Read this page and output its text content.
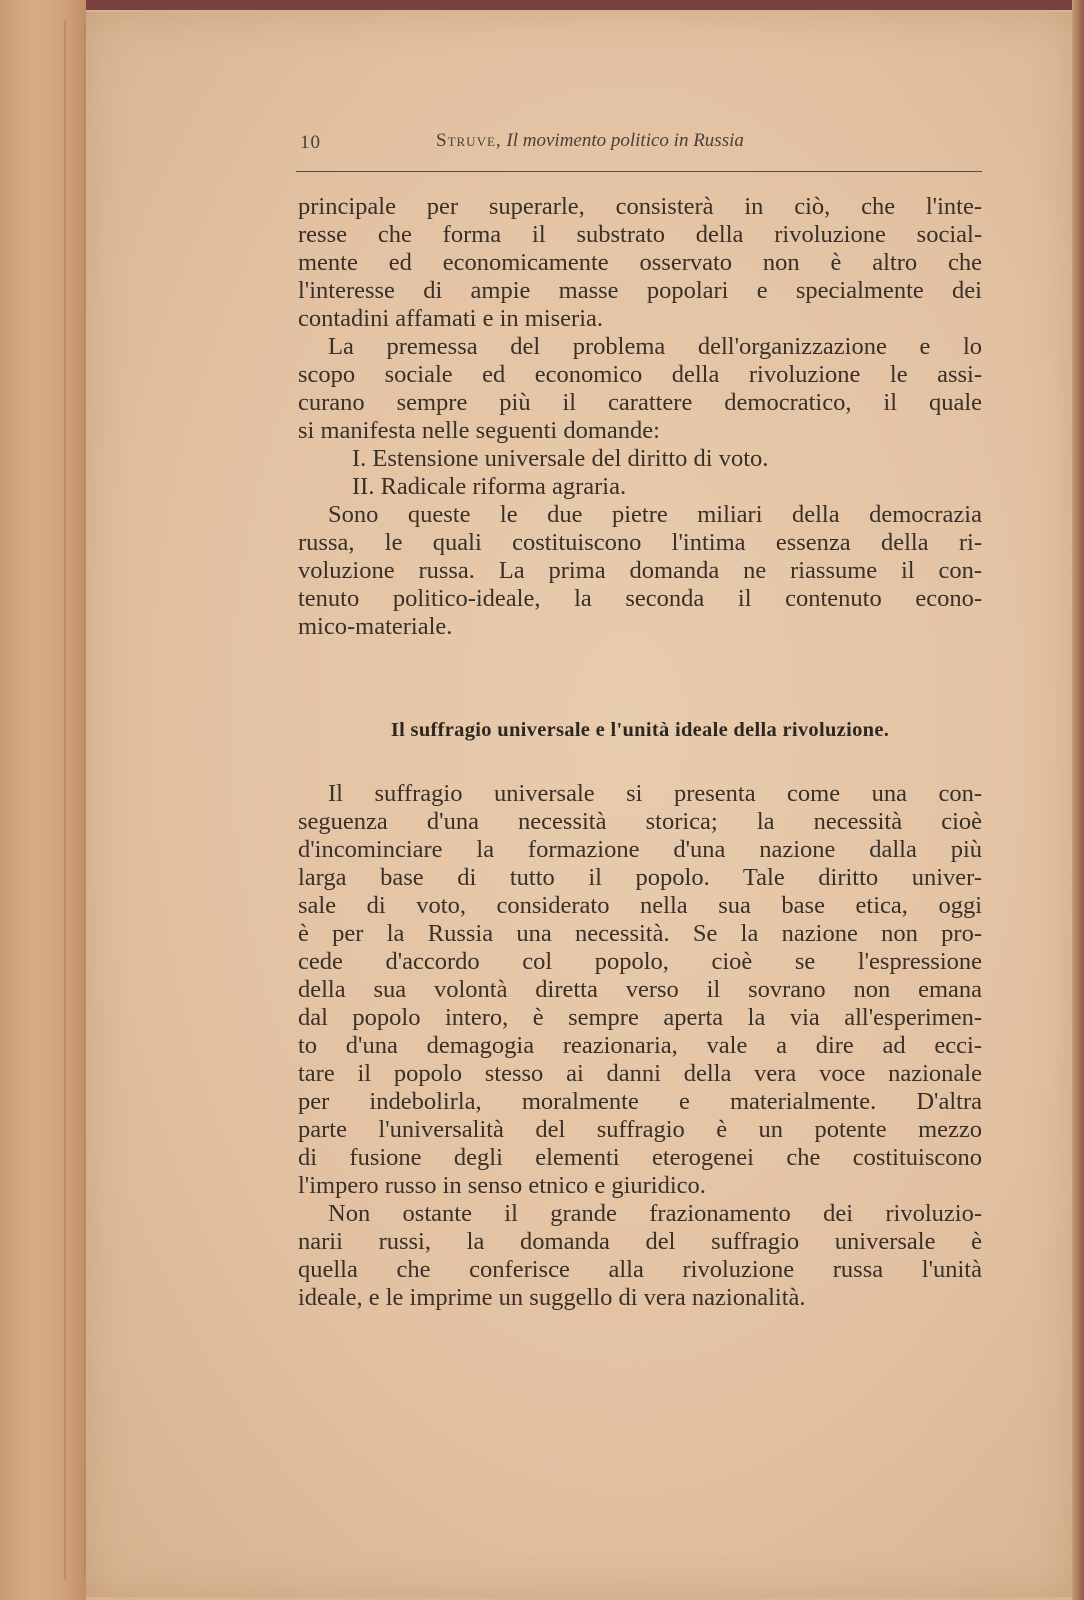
10	Struve, Il movimento politico in Russia
principale per superarle, consisterà in ciò, che l'inte-
resse che forma il substrato della rivoluzione social-
mente ed economicamente osservato non è altro che
l'interesse di ampie masse popolari e specialmente dei
contadini affamati e in miseria.
La premessa del problema dell'organizzazione e lo
scopo sociale ed economico della rivoluzione le assi-
curano sempre più il carattere democratico, il quale
si manifesta nelle seguenti domande:
I. Estensione universale del diritto di voto.
II. Radicale riforma agraria.
Sono queste le due pietre miliari della democrazia
russa, le quali costituiscono l'intima essenza della ri-
voluzione russa. La prima domanda ne riassume il con-
tenuto politico-ideale, la seconda il contenuto econo-
mico-materiale.
Il suffragio universale e l'unità ideale della rivoluzione.
Il suffragio universale si presenta come una con-
seguenza d'una necessità storica; la necessità cioè
d'incominciare la formazione d'una nazione dalla più
larga base di tutto il popolo. Tale diritto univer-
sale di voto, considerato nella sua base etica, oggi
è per la Russia una necessità. Se la nazione non pro-
cede d'accordo col popolo, cioè se l'espressione
della sua volontà diretta verso il sovrano non emana
dal popolo intero, è sempre aperta la via all'esperimen-
to d'una demagogia reazionaria, vale a dire ad ecci-
tare il popolo stesso ai danni della vera voce nazionale
per indebolirla, moralmente e materialmente. D'altra
parte l'universalità del suffragio è un potente mezzo
di fusione degli elementi eterogenei che costituiscono
l'impero russo in senso etnico e giuridico.
Non ostante il grande frazionamento dei rivoluzio-
narii russi, la domanda del suffragio universale è
quella che conferisce alla rivoluzione russa l'unità
ideale, e le imprime un suggello di vera nazionalità.
